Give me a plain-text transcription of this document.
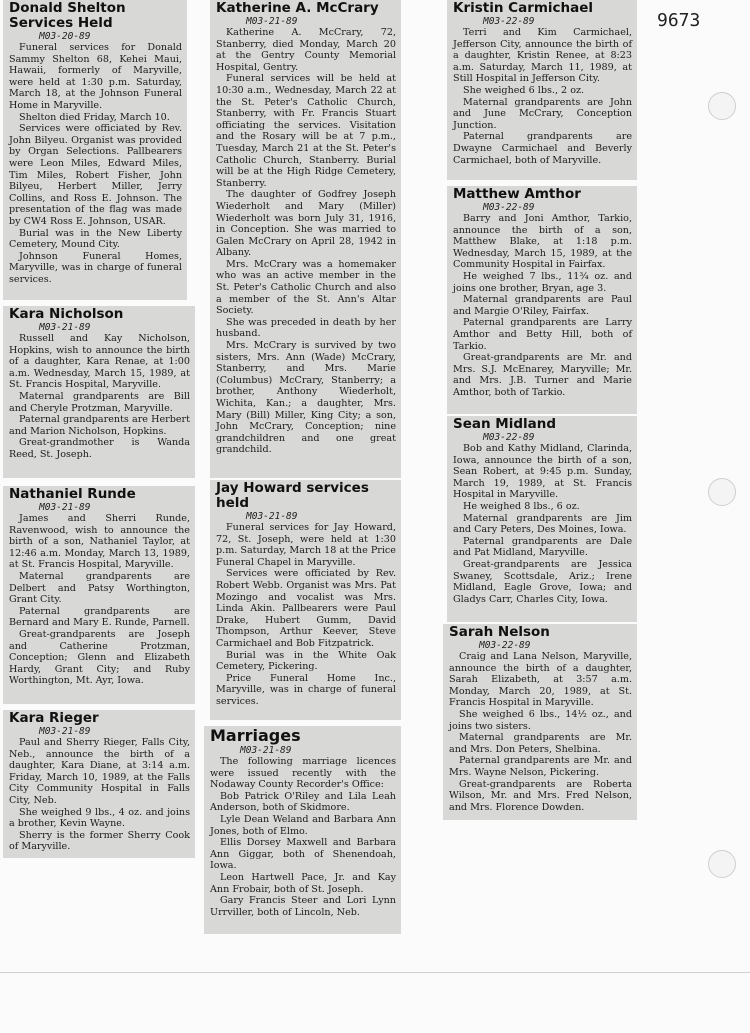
9673
Donald Shelton Services Held
M03-20-89

Funeral services for Donald Sammy Shelton 68, Kehei Maui, Hawaii, formerly of Maryville, were held at 1:30 p.m. Saturday, March 18, at the Johnson Funeral Home in Maryville.

Shelton died Friday, March 10.

Services were officiated by Rev. John Bilyeu. Organist was provided by Organ Selections. Pallbearers were Leon Miles, Edward Miles, Tim Miles, Robert Fisher, John Bilyeu, Herbert Miller, Jerry Collins, and Ross E. Johnson. The presentation of the flag was made by CW4 Ross E. Johnson, USAR.

Burial was in the New Liberty Cemetery, Mound City.

Johnson Funeral Homes, Maryville, was in charge of funeral services.

Kara Nicholson
M03-21-89

Russell and Kay Nicholson, Hopkins, wish to announce the birth of a daughter, Kara Renae, at 1:00 a.m. Wednesday, March 15, 1989, at St. Francis Hospital, Maryville.

Maternal grandparents are Bill and Cheryle Protzman, Maryville.

Paternal grandparents are Herbert and Marion Nicholson, Hopkins.

Great-grandmother is Wanda Reed, St. Joseph.

Nathaniel Runde
M03-21-89

James and Sherri Runde, Ravenwood, wish to announce the birth of a son, Nathaniel Taylor, at 12:46 a.m. Monday, March 13, 1989, at St. Francis Hospital, Maryville.

Maternal grandparents are Delbert and Patsy Worthington, Grant City.

Paternal grandparents are Bernard and Mary E. Runde, Parnell.

Great-grandparents are Joseph and Catherine Protzman, Conception; Glenn and Elizabeth Hardy, Grant City; and Ruby Worthington, Mt. Ayr, Iowa.

Kara Rieger
M03-21-89

Paul and Sherry Rieger, Falls City, Neb., announce the birth of a daughter, Kara Diane, at 3:14 a.m. Friday, March 10, 1989, at the Falls City Community Hospital in Falls City, Neb.

She weighed 9 lbs., 4 oz. and joins a brother, Kevin Wayne.

Sherry is the former Sherry Cook of Maryville.

Katherine A. McCrary
M03-21-89

Katherine A. McCrary, 72, Stanberry, died Monday, March 20 at the Gentry County Memorial Hospital, Gentry.

Funeral services will be held at 10:30 a.m., Wednesday, March 22 at the St. Peter's Catholic Church, Stanberry, with Fr. Francis Stuart officiating the services. Visitation and the Rosary will be at 7 p.m., Tuesday, March 21 at the St. Peter's Catholic Church, Stanberry. Burial will be at the High Ridge Cemetery, Stanberry.

The daughter of Godfrey Joseph Wiederholt and Mary (Miller) Wiederholt was born July 31, 1916, in Conception. She was married to Galen McCrary on April 28, 1942 in Albany.

Mrs. McCrary was a homemaker who was an active member in the St. Peter's Catholic Church and also a member of the St. Ann's Altar Society.

She was preceded in death by her husband.

Mrs. McCrary is survived by two sisters, Mrs. Ann (Wade) McCrary, Stanberry, and Mrs. Marie (Columbus) McCrary, Stanberry; a brother, Anthony Wiederholt, Wichita, Kan.; a daughter, Mrs. Mary (Bill) Miller, King City; a son, John McCrary, Conception; nine grandchildren and one great grandchild.

Jay Howard services held
M03-21-89

Funeral services for Jay Howard, 72, St. Joseph, were held at 1:30 p.m. Saturday, March 18 at the Price Funeral Chapel in Maryville.

Services were officiated by Rev. Robert Webb. Organist was Mrs. Pat Mozingo and vocalist was Mrs. Linda Akin. Pallbearers were Paul Drake, Hubert Gumm, David Thompson, Arthur Keever, Steve Carmichael and Bob Fitzpatrick.

Burial was in the White Oak Cemetery, Pickering.

Price Funeral Home Inc., Maryville, was in charge of funeral services.

Marriages
M03-21-89

The following marriage licences were issued recently with the Nodaway County Recorder's Office:

Bob Patrick O'Riley and Lila Leah Anderson, both of Skidmore.

Lyle Dean Weland and Barbara Ann Jones, both of Elmo.

Ellis Dorsey Maxwell and Barbara Ann Giggar, both of Shenendoah, Iowa.

Leon Hartwell Pace, Jr. and Kay Ann Frobair, both of St. Joseph.

Gary Francis Steer and Lori Lynn Urrviller, both of Lincoln, Neb.

Kristin Carmichael
M03-22-89

Terri and Kim Carmichael, Jefferson City, announce the birth of a daughter, Kristin Renee, at 8:23 a.m. Saturday, March 11, 1989, at Still Hospital in Jefferson City.

She weighed 6 lbs., 2 oz.

Maternal grandparents are John and June McCrary, Conception Junction.

Paternal grandparents are Dwayne Carmichael and Beverly Carmichael, both of Maryville.

Matthew Amthor
M03-22-89

Barry and Joni Amthor, Tarkio, announce the birth of a son, Matthew Blake, at 1:18 p.m. Wednesday, March 15, 1989, at the Community Hospital in Fairfax.

He weighed 7 lbs., 11¾ oz. and joins one brother, Bryan, age 3.

Maternal grandparents are Paul and Margie O'Riley, Fairfax.

Paternal grandparents are Larry Amthor and Betty Hill, both of Tarkio.

Great-grandparents are Mr. and Mrs. S.J. McEnarey, Maryville; Mr. and Mrs. J.B. Turner and Marie Amthor, both of Tarkio.

Sean Midland
M03-22-89

Bob and Kathy Midland, Clarinda, Iowa, announce the birth of a son, Sean Robert, at 9:45 p.m. Sunday, March 19, 1989, at St. Francis Hospital in Maryville.

He weighed 8 lbs., 6 oz.

Maternal grandparents are Jim and Cary Peters, Des Moines, Iowa.

Paternal grandparents are Dale and Pat Midland, Maryville.

Great-grandparents are Jessica Swaney, Scottsdale, Ariz.; Irene Midland, Eagle Grove, Iowa; and Gladys Carr, Charles City, Iowa.

Sarah Nelson
M03-22-89

Craig and Lana Nelson, Maryville, announce the birth of a daughter, Sarah Elizabeth, at 3:57 a.m. Monday, March 20, 1989, at St. Francis Hospital in Maryville.

She weighed 6 lbs., 14½ oz., and joins two sisters.

Maternal grandparents are Mr. and Mrs. Don Peters, Shelbina.

Paternal grandparents are Mr. and Mrs. Wayne Nelson, Pickering.

Great-grandparents are Roberta Wilson, Mr. and Mrs. Fred Nelson, and Mrs. Florence Dowden.
